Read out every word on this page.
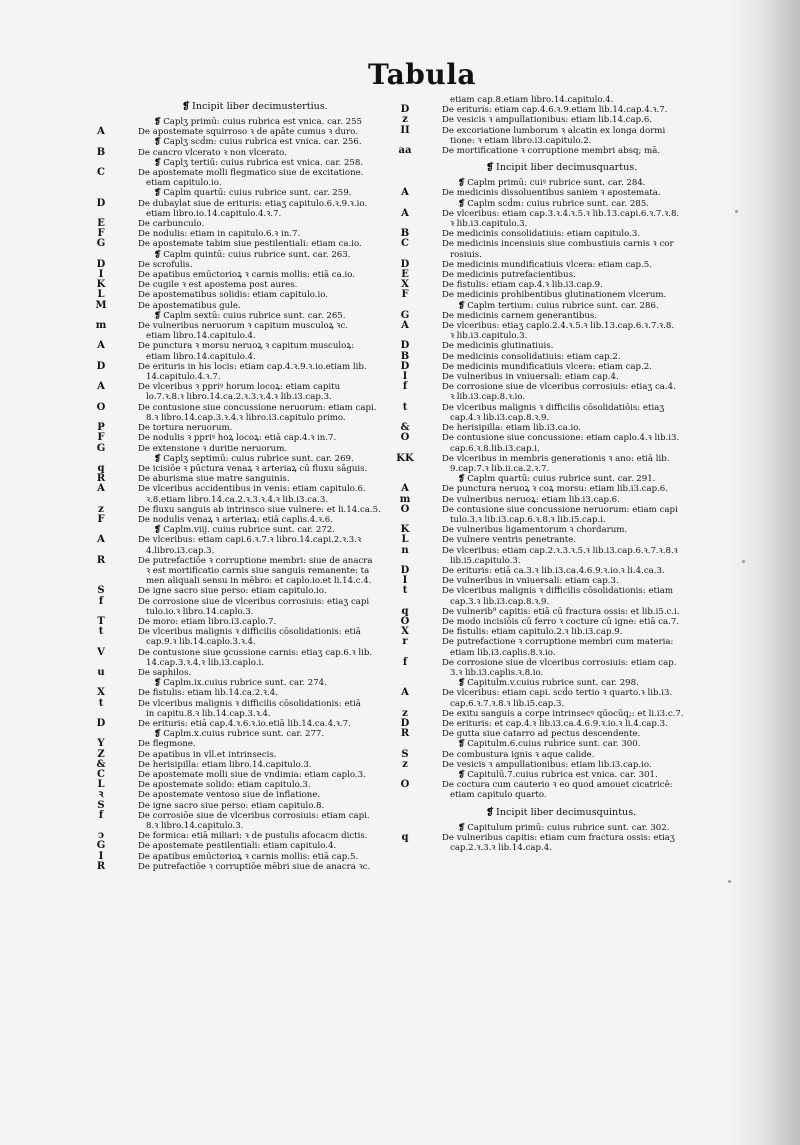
Tabula
❡ Incipit liber decimustertius.
❡ Caplʒ primū: cuius rubrica est vnica. car. 255
A	De apostemate squirroso ꝛ de apāte cumus ꝛ duro.
❡ Caplʒ scḋm: cuius rubrica est vnica. car. 256.
B	De cancro vlcerato ꝛ non vlcerato.
❡ Caplʒ tertiū: cuius rubrica est vnica. car. 258.
C	De apostemate molli flegmatico siue de excitatione.
etiam capitulo.io.
❡ Caplm quartū: cuius rubrice sunt. car. 259.
D	De dubaylat siue de erituris: etiaʒ capitulo.6.ꝛ.9.ꝛ.io.
etiam libro.io.14.capitulo.4.ꝛ.7.
E	De carbunculo.
F	De nodulis: etiam in capitulo.6.ꝛ in.7.
G	De apostemate tabim siue pestilentiali: etiam ca.io.
❡ Caplm quintū: cuius rubrice sunt. car. 263.
D	De scrofulis.
I	De apatibus emūctorioꝝ ꝛ carnis mollis: etiā ca.io.
K	De cugile ꝛ est apostema post aures.
L	De apostematibus solidis: etiam capitulo.io.
M	De apostematibus gule.
❡ Caplm sextū: cuius rubrice sunt. car. 265.
m	De vulneribus neruorum ꝛ capitum musculoꝝ ꝛc.
etiam libro.14.capitulo.4.
A	De punctura ꝛ morsu neruoꝝ ꝛ capitum musculoꝝ:
etiam libro.14.capitulo.4.
D	De erituris in his locis: etiam cap.4.ꝛ.9.ꝛ.io.etiam lib.
14.capitulo.4.ꝛ.7.
A	De vlceribus ꝛ ppriꝰ horum locoꝝ: etiam capitu
lo.7.ꝛ.8.ꝛ libro.14.ca.2.ꝛ.3.ꝛ.4.ꝛ lib.i3.cap.3.
O	De contusione siue concussione neruorum: etiam capi.
8.ꝛ libro.14.cap.3.ꝛ.4.ꝛ libro.i3.capitulo primo.
P	De tortura neruorum.
F	De nodulis ꝛ ppriꝰ hoꝝ locoꝝ: etiā cap.4.ꝛ in.7.
G	De extensione ꝛ duritie neruorum.
❡ Caplʒ septimū: cuius rubrice sunt. car. 269.
q	De icisiōe ꝛ pūctura venaꝝ ꝛ arteriaꝝ cū fluxu sāguis.
R	De aburisma siue matre sanguinis.
A	De vlceribus accidentibus in venis: etiam capitulo.6.
ꝛ.8.etiam libro.14.ca.2.ꝛ.3.ꝛ.4.ꝛ lib.i3.ca.3.
z	De fluxu sanguis ab intrinsco siue vulnere: et li.14.ca.5.
F	De nodulis venaꝝ ꝛ arteriaꝝ: etiā caplis.4.ꝛ.6.
❡ Caplm.viij. cuius rubrice sunt. car. 272.
A	De vlceribus: etiam capi.6.ꝛ.7.ꝛ libro.14.capi.2.ꝛ.3.ꝛ
4.libro.i3.cap.3.
R	De putrefactiōe ꝛ corruptione membri: siue de anacra
ꝛ est mortificatio carnis siue sanguis remanente: ta
men aliquali sensu in mēbro: et caplo.io.et li.14.c.4.
S	De igne sacro siue perso: etiam capitulo.io.
f	De corrosione siue de vlceribus corrosiuis: etiaʒ capi
tulo.io.ꝛ libro.14.caplo.3.
T	De moro: etiam libro.i3.caplo.7.
t	De vlceribus malignis ꝛ difficilis cōsolidationis: etiā
cap.9.ꝛ lib.14.caplo.3.ꝛ.4.
V	De contusione siue ꝯcussione carnis: etiaʒ cap.6.ꝛ lib.
14.cap.3.ꝛ.4.ꝛ lib.i3.caplo.i.
u	De saphilos.
❡ Caplm.ix.cuius rubrice sunt. car. 274.
X	De fistulis: etiam lib.14.ca.2.ꝛ.4.
t	De vlceribus malignis ꝛ difficilis cōsolidationis: etiā
in capitu.8.ꝛ lib.14.cap.3.ꝛ.4.
D	De erituris: etiā cap.4.ꝛ.6.ꝛ.io.etiā lib.14.ca.4.ꝛ.7.
❡ Caplm.x.cuius rubrice sunt. car. 277.
Y	De flegmone.
Z	De apatibus in vll.et intrinsecis.
&	De herisipilla: etiam libro.14.capitulo.3.
C	De apostemate molli siue de vndimia: etiam caplo.3.
L	De apostemate solido: etiam capitulo.3.
ꝛ	De apostemate ventoso siue de inflatione.
S	De igne sacro siue perso: etiam capitulo.8.
f	De corrosiōe siue de vlceribus corrosiuis: etiam capi.
8.ꝛ libro.14.capitulo.3.
ↄ	De formica: etiā miliari: ꝛ de pustulis afocacm dictis.
G	De apostemate pestilentiali: etiam capitulo.4.
I	De apatibus emūctorioꝝ ꝛ carnis mollis: etiā cap.5.
R	De putrefactiōe ꝛ corruptiōe mēbri siue de anacra ꝛc.
etiam cap.8.etiam libro.14.capitulo.4.
D	De erituris: etiam cap.4.6.ꝛ.9.etiam lib.14.cap.4.ꝛ.7.
z	De vesicis ꝛ ampullationibus: etiam lib.14.cap.6.
II	De excoriatione lumborum ꝛ alcatin ex longa dormi
tione: ꝛ etiam libro.i3.capitulo.2.
aa	De mortificatione ꝛ corruptione membri absq; mā.
❡ Incipit liber decimusquartus.
❡ Caplm primū: cuiꝰ rubrice sunt. car. 284.
A	De medicinis dissoluentibus saniem ꝛ apostemata.
❡ Caplm scḋm: cuius rubrice sunt. car. 285.
A	De vlceribus: etiam cap.3.ꝛ.4.ꝛ.5.ꝛ lib.13.capi.6.ꝛ.7.ꝛ.8.
ꝛ lib.i3.capitulo.3.
B	De medicinis consolidatiuis: etiam capitulo.3.
C	De medicinis incensiuis siue combustiuis carnis ꝛ cor
rosiuis.
D	De medicinis mundificatiuis vlcera: etiam cap.5.
E	De medicinis putrefacientibus.
X	De fistulis: etiam cap.4.ꝛ lib.i3.cap.9.
F	De medicinis prohibentibus glutinationem vlcerum.
❡ Caplm tertium: cuius rubrice sunt. car. 286.
G	De medicinis carnem generantibus.
A	De vlceribus: etiaʒ caplo.2.4.ꝛ.5.ꝛ lib.13.cap.6.ꝛ.7.ꝛ.8.
ꝛ lib.i3.capitulo.3.
D	De medicinis glutinatiuis.
B	De medicinis consolidatiuis: etiam cap.2.
D	De medicinis mundificatiuis vlcera: etiam cap.2.
I	De vulneribus in vniuersali: etiam cap.4.
f	De corrosione siue de vlceribus corrosiuis: etiaʒ ca.4.
ꝛ lib.i3.cap.8.ꝛ.io.
t	De vlceribus malignis ꝛ difficilis cōsolidatiōis: etiaʒ
cap.4.ꝛ lib.i3.cap.8.ꝛ.9.
&	De herisipilla: etiam lib.i3.ca.io.
O	De contusione siue concussione: etiam caplo.4.ꝛ lib.i3.
cap.6.ꝛ.8.lib.i3.cap.i.
KK	De vlceribus in membris generationis ꝛ ano: etiā lib.
9.cap.7.ꝛ lib.ii.ca.2.ꝛ.7.
❡ Caplm quartū: cuius rubrice sunt. car. 291.
A	De punctura neruoꝝ ꝛ coꝝ morsu: etiam lib.i3.cap.6.
m	De vulneribus neruoꝝ: etiam lib.i3.cap.6.
O	De contusione siue concussione neruorum: etiam capi
tulo.3.ꝛ lib.i3.cap.6.ꝛ.8.ꝛ lib.i5.cap.i.
K	De vulneribus ligamentorum ꝛ chordarum.
L	De vulnere ventris penetrante.
n	De vlceribus: etiam cap.2.ꝛ.3.ꝛ.5.ꝛ lib.i3.cap.6.ꝛ.7.ꝛ.8.ꝛ
lib.i5.capitulo.3.
D	De erituris: etiā ca.3.ꝛ lib.i3.ca.4.6.9.ꝛ.io.ꝛ li.4.ca.3.
I	De vulneribus in vniuersali: etiam cap.3.
t	De vlceribus malignis ꝛ difficilis cōsolidationis: etiam
cap.3.ꝛ lib.i3.cap.8.ꝛ.9.
q	De vulnerib⁹ capitis: etiā cū fractura ossis: et lib.i5.c.i.
O	De modo incisiōis cū ferro ꝛ cocture cū igne: etiā ca.7.
X	De fistulis: etiam capitulo.2.ꝛ lib.i3.cap.9.
r	De putrefactione ꝛ corruptione membri cum materia:
etiam lib.i3.caplis.8.ꝛ.io.
f	De corrosione siue de vlceribus corrosiuis: etiam cap.
3.ꝛ lib.i3.caplis.ꝛ.8.io.
❡ Capitulm.v.cuius rubrice sunt. car. 298.
A	De vlceribus: etiam capi. scḋo tertio ꝛ quarto.ꝛ lib.i3.
cap.6.ꝛ.7.ꝛ.8.ꝛ lib.i5.cap.3.
z	De exitu sanguis a corpe intrinsecꝰ qūocūq;: et li.i3.c.7.
D	De erituris: et cap.4.ꝛ lib.i3.ca.4.6.9.ꝛ.io.ꝛ li.4.cap.3.
R	De gutta siue catarro ad pectus descendente.
❡ Capitulm.6.cuius rubrice sunt. car. 300.
S	De combustura ignis ꝛ aque calide.
z	De vesicis ꝛ ampullationibus: etiam lib.i3.cap.io.
❡ Capitulū.7.cuius rubrica est vnica. car. 301.
O	De coctura cum cauterio ꝛ eo quod amouet cicatricē:
etiam capitulo quarto.
❡ Incipit liber decimusquintus.
❡ Capitulum primū: cuius rubrice sunt. car. 302.
q	De vulneribus capitis: etiam cum fractura ossis: etiaʒ
cap.2.ꝛ.3.ꝛ lib.14.cap.4.
